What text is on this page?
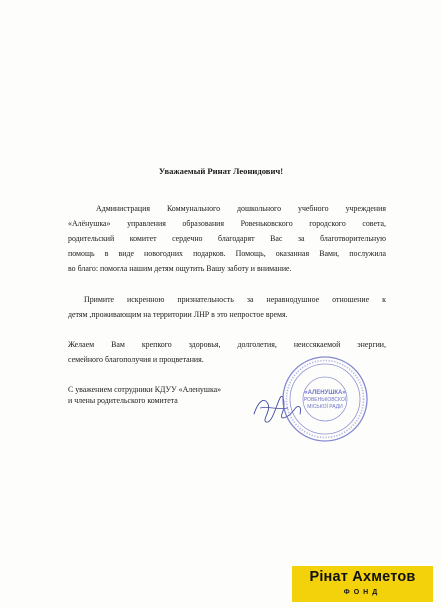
Уважаемый Ринат Леонидович!
Администрация Коммунального дошкольного учебного учреждения
«Алёнушка» управления образования Ровеньковского городского совета,
родительский комитет сердечно благодарят Вас за благотворительную
помощь в виде новогодних подарков. Помощь, оказанная Вами, послужила
во благо: помогла нашим детям ощутить Вашу заботу и внимание.
Примите искренною признательность за неравнодушное отношение к
детям ,проживающим на территории ЛНР в это непростое время.
Желаем Вам крепкого здоровья, долголетия, неиссякаемой энергии,
семейного благополучия и процветания.
С уважением сотрудники КДУУ «Аленушка»
и члены родительского комитета
«АЛЕНУШКА»
РОВЕНЬКОВСКОЇ
МІСЬКОЇ РАДИ
Рінат Ахметов
ФОНД
